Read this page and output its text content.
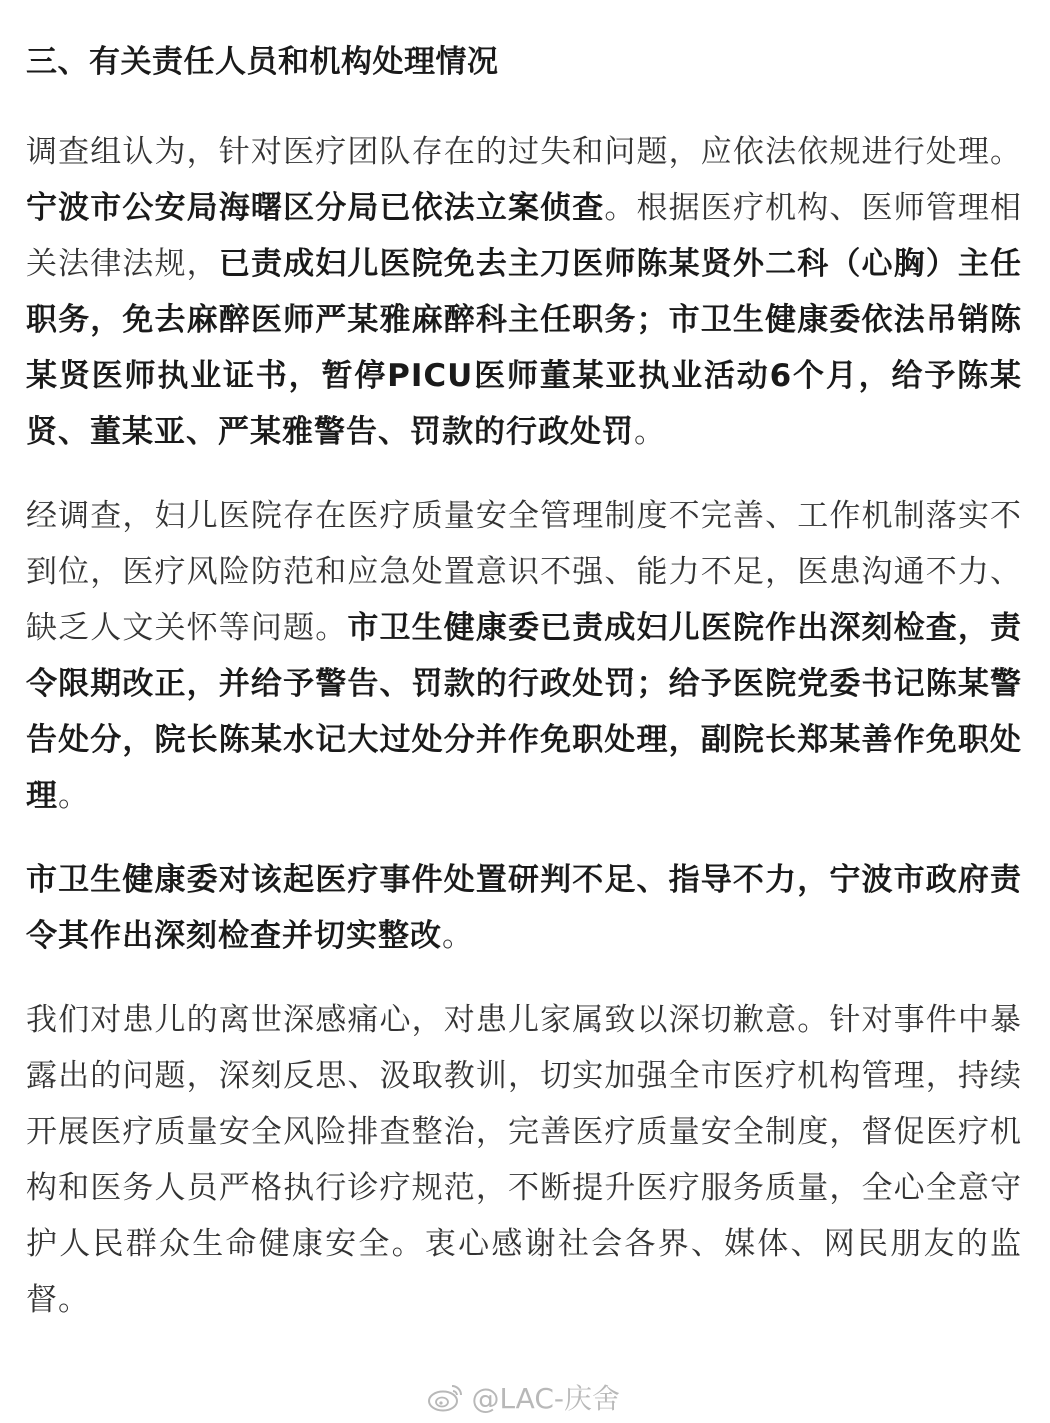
三、有关责任人员和机构处理情况

调查组认为，针对医疗团队存在的过失和问题，应依法依规进行处理。宁波市公安局海曙区分局已依法立案侦查。根据医疗机构、医师管理相关法律法规，已责成妇儿医院免去主刀医师陈某贤外二科（心胸）主任职务，免去麻醉医师严某雅麻醉科主任职务；市卫生健康委依法吊销陈某贤医师执业证书，暂停PICU医师董某亚执业活动6个月，给予陈某贤、董某亚、严某雅警告、罚款的行政处罚。

经调查，妇儿医院存在医疗质量安全管理制度不完善、工作机制落实不到位，医疗风险防范和应急处置意识不强、能力不足，医患沟通不力、缺乏人文关怀等问题。市卫生健康委已责成妇儿医院作出深刻检查，责令限期改正，并给予警告、罚款的行政处罚；给予医院党委书记陈某警告处分，院长陈某水记大过处分并作免职处理，副院长郑某善作免职处理。

市卫生健康委对该起医疗事件处置研判不足、指导不力，宁波市政府责令其作出深刻检查并切实整改。

我们对患儿的离世深感痛心，对患儿家属致以深切歉意。针对事件中暴露出的问题，深刻反思、汲取教训，切实加强全市医疗机构管理，持续开展医疗质量安全风险排查整治，完善医疗质量安全制度，督促医疗机构和医务人员严格执行诊疗规范，不断提升医疗服务质量，全心全意守护人民群众生命健康安全。衷心感谢社会各界、媒体、网民朋友的监督。

@LAC-庆舍
